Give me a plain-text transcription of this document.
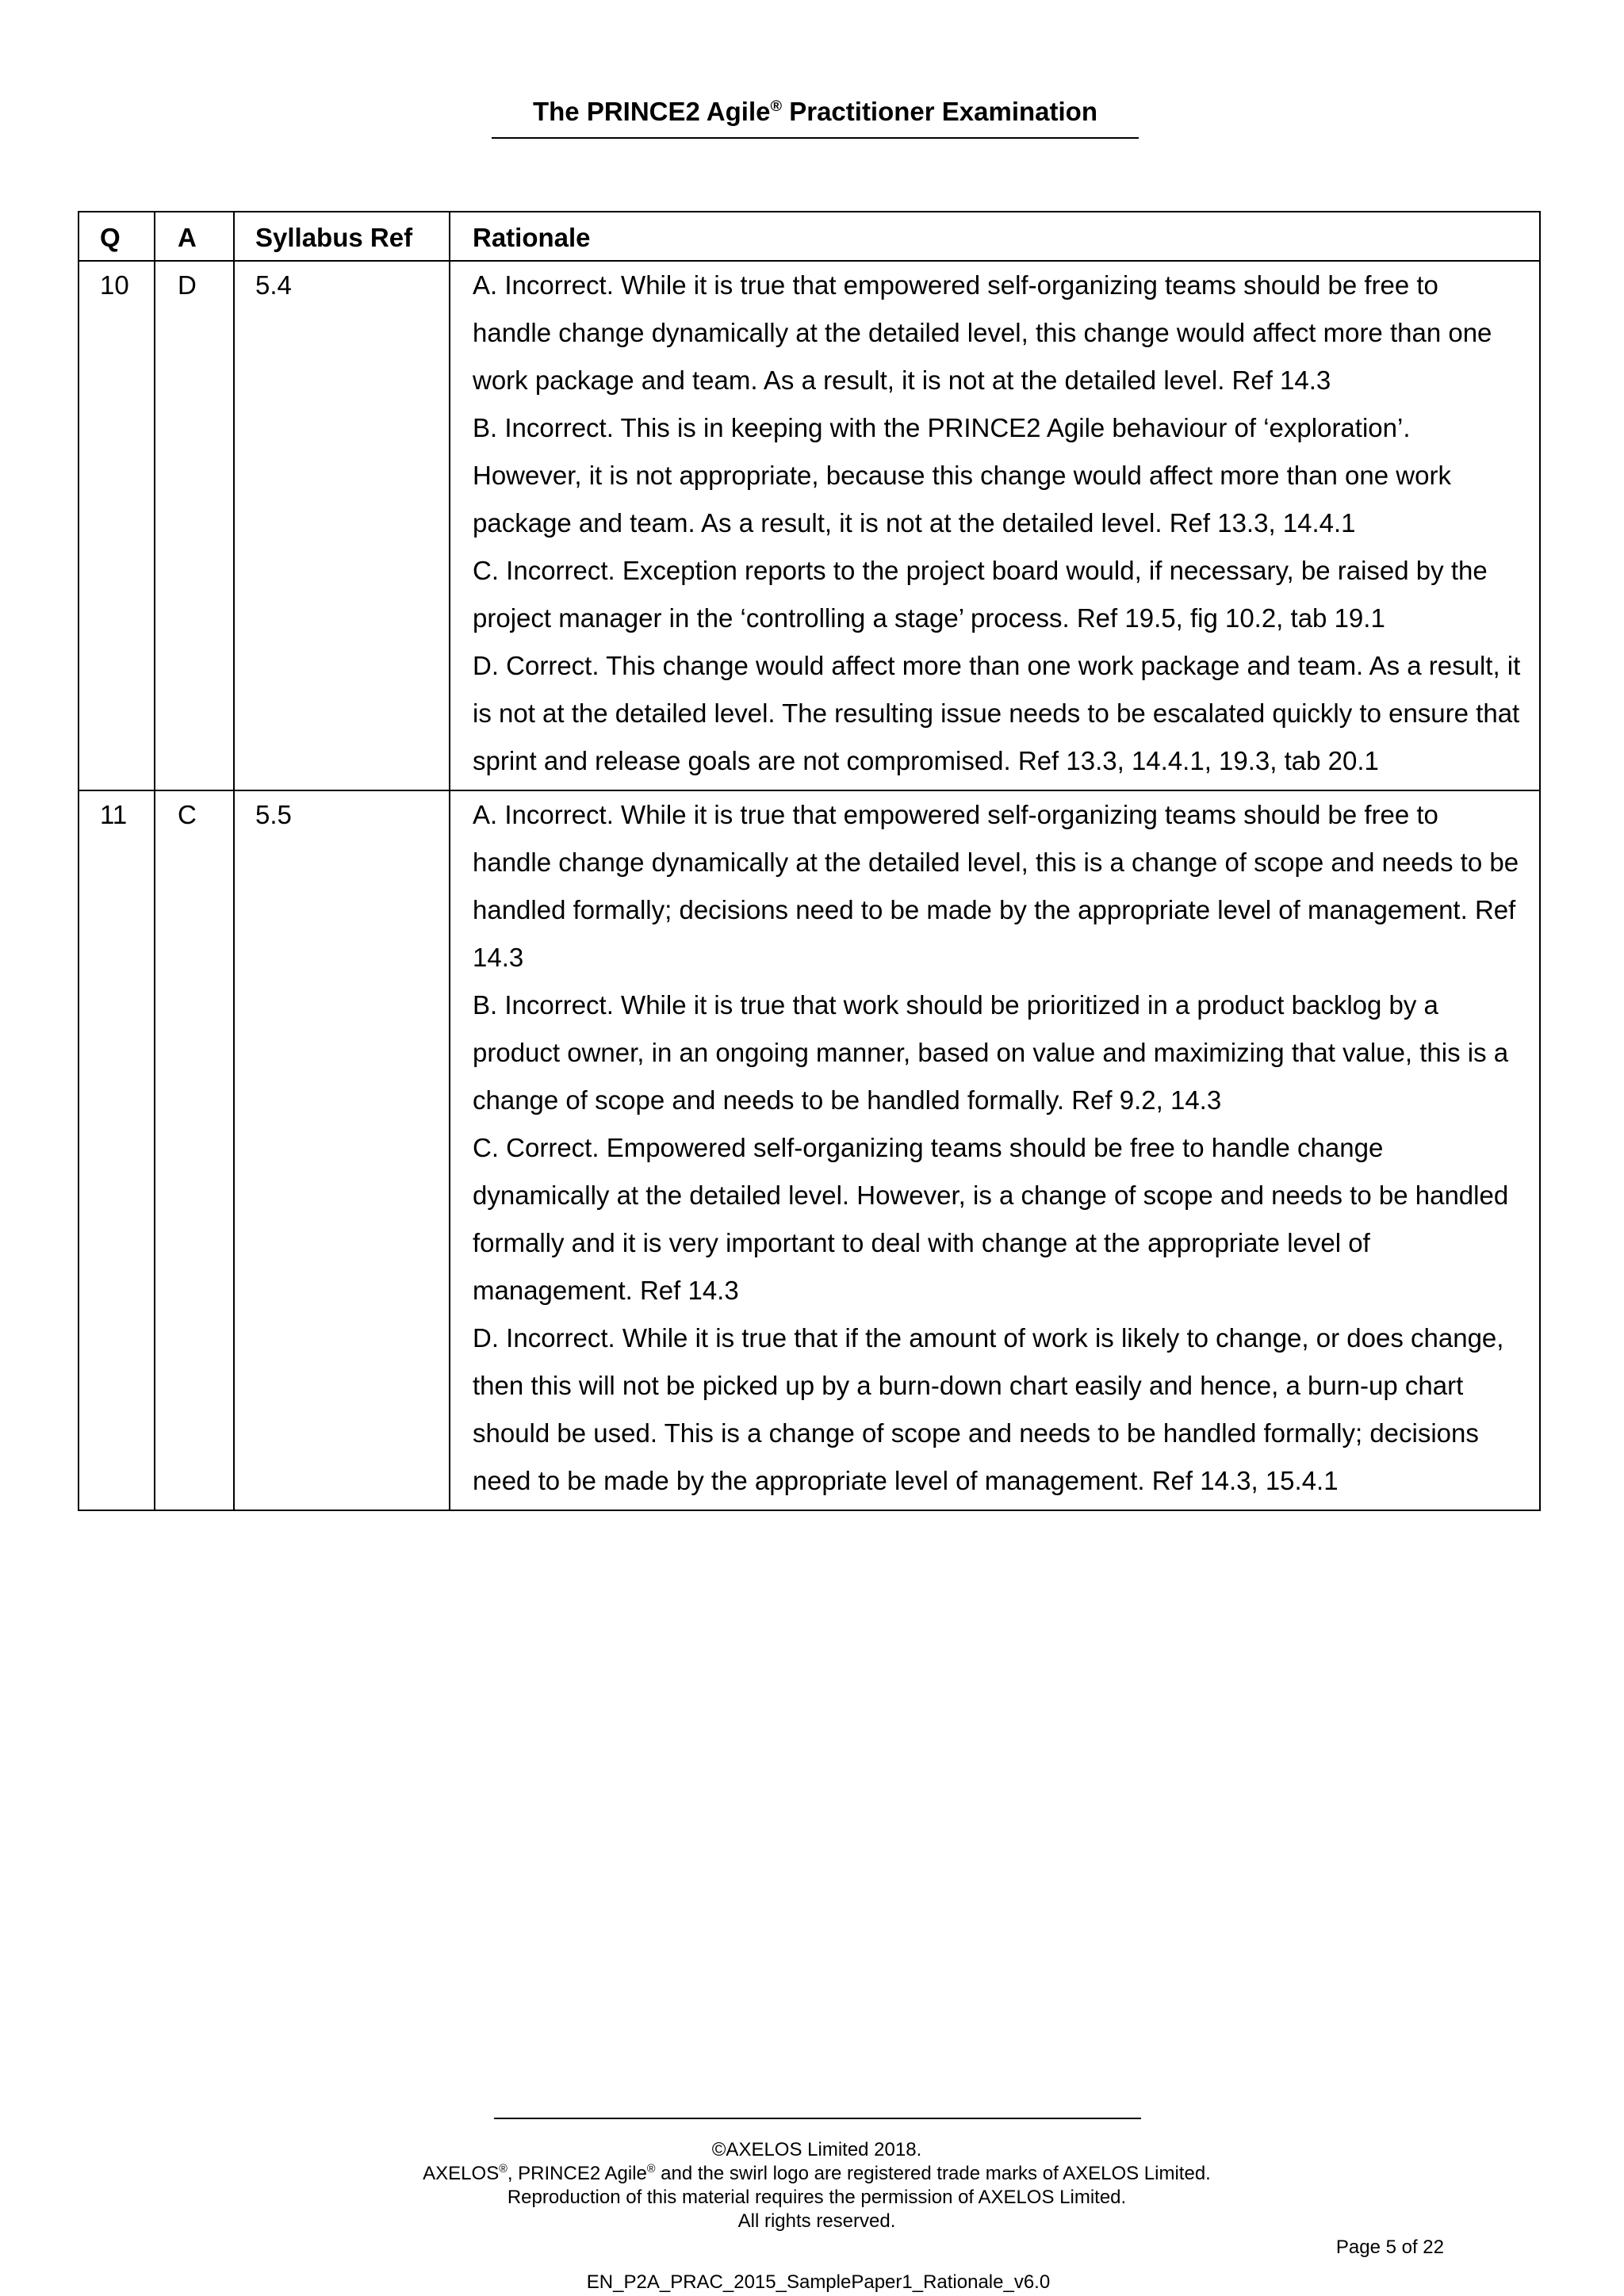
The PRINCE2 Agile® Practitioner Examination
Q	A	Syllabus Ref	Rationale
10	D	5.4	A. Incorrect. While it is true that empowered self-organizing teams should be free to handle change dynamically at the detailed level, this change would affect more than one work package and team. As a result, it is not at the detailed level. Ref 14.3
B. Incorrect. This is in keeping with the PRINCE2 Agile behaviour of ‘exploration’. However, it is not appropriate, because this change would affect more than one work package and team. As a result, it is not at the detailed level. Ref 13.3, 14.4.1
C. Incorrect. Exception reports to the project board would, if necessary, be raised by the project manager in the ‘controlling a stage’ process. Ref 19.5, fig 10.2, tab 19.1
D. Correct. This change would affect more than one work package and team. As a result, it is not at the detailed level. The resulting issue needs to be escalated quickly to ensure that sprint and release goals are not compromised. Ref 13.3, 14.4.1, 19.3, tab 20.1

11	C	5.5	A. Incorrect. While it is true that empowered self-organizing teams should be free to handle change dynamically at the detailed level, this is a change of scope and needs to be handled formally; decisions need to be made by the appropriate level of management. Ref 14.3
B. Incorrect. While it is true that work should be prioritized in a product backlog by a product owner, in an ongoing manner, based on value and maximizing that value, this is a change of scope and needs to be handled formally. Ref 9.2, 14.3
C. Correct. Empowered self-organizing teams should be free to handle change dynamically at the detailed level. However, is a change of scope and needs to be handled formally and it is very important to deal with change at the appropriate level of management. Ref 14.3
D. Incorrect. While it is true that if the amount of work is likely to change, or does change, then this will not be picked up by a burn-down chart easily and hence, a burn-up chart should be used. This is a change of scope and needs to be handled formally; decisions need to be made by the appropriate level of management. Ref 14.3, 15.4.1
©AXELOS Limited 2018.
AXELOS®, PRINCE2 Agile® and the swirl logo are registered trade marks of AXELOS Limited.
Reproduction of this material requires the permission of AXELOS Limited.
All rights reserved.
Page 5 of 22
EN_P2A_PRAC_2015_SamplePaper1_Rationale_v6.0
